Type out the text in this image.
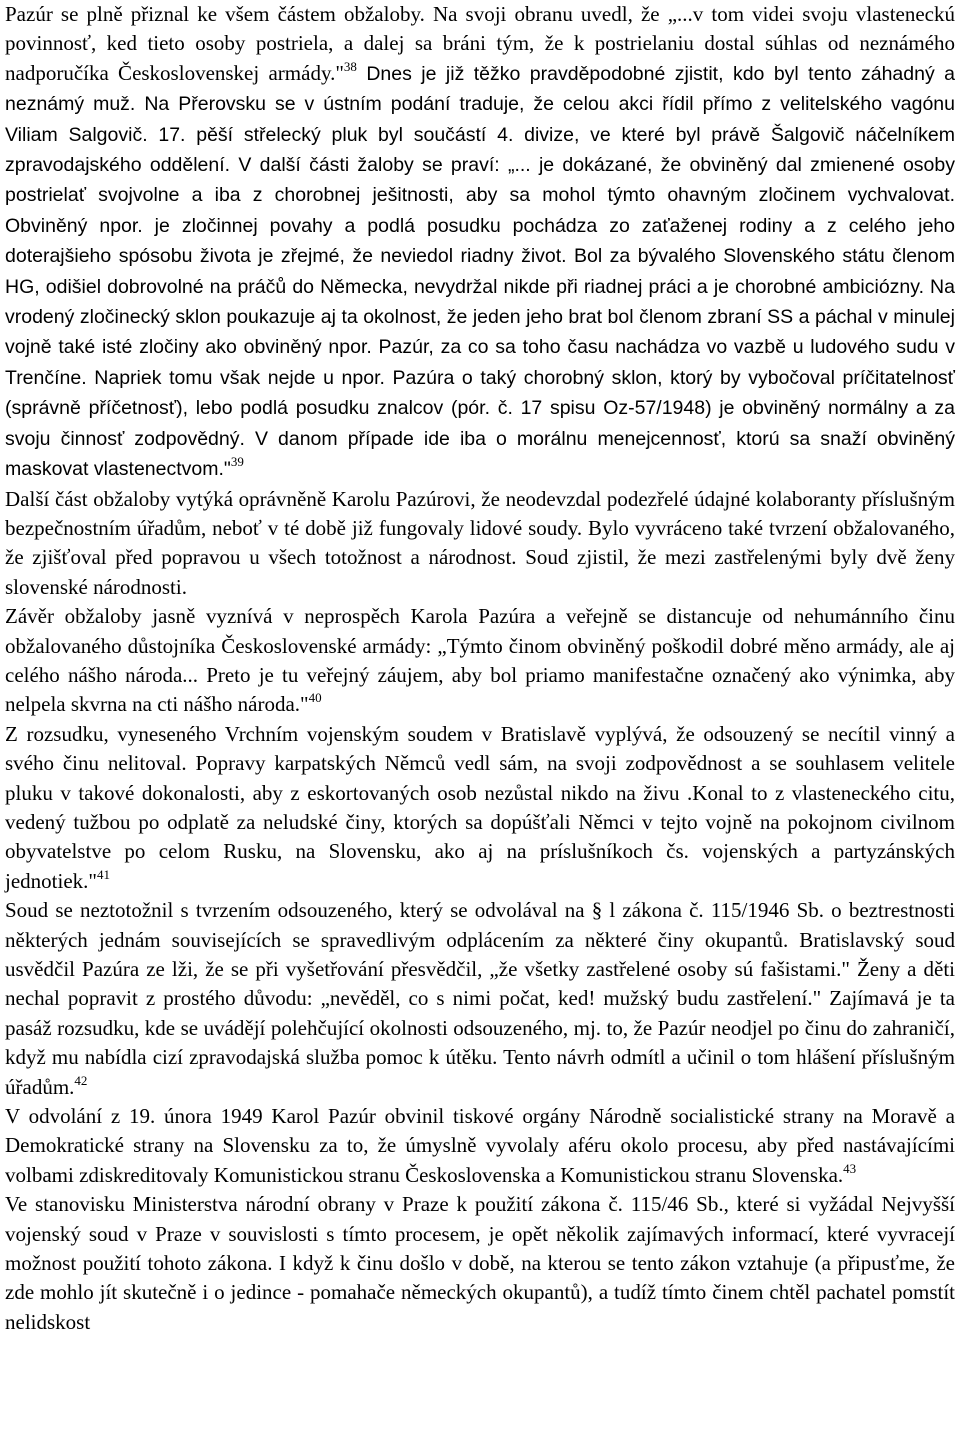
Pazúr se plně přiznal ke všem částem obžaloby. Na svoji obranu uvedl, že „...v tom videi svoju vlasteneckú povinnosť, ked tieto osoby postriela, a dalej sa bráni tým, že k postrielaniu dostal súhlas od neznámého nadporučíka Československej armády."$^{38}$ Dnes je již těžko pravděpodobné zjistit, kdo byl tento záhadný a neznámý muž. Na Přerovsku se v ústním podání traduje, že celou akci řídil přímo z velitelského vagónu Viliam Salgovič. 17. pěší střelecký pluk byl součástí 4. divize, ve které byl právě Šalgovič náčelníkem zpravodajského oddělení. V další části žaloby se praví: „... je dokázané, že obviněný dal zmienené osoby postrielať svojvolne a iba z chorobnej ješitnosti, aby sa mohol týmto ohavným zločinem vychvalovat. Obviněný npor. je zločinnej povahy a podlá posudku pochádza zo zaťaženej rodiny a z celého jeho doterajšieho spósobu života je zřejmé, že neviedol riadny život. Bol za bývalého Slovenského státu členom HG, odišiel dobrovolné na práčů do Německa, nevydržal nikde při riadnej práci a je chorobné ambiciózny. Na vrodený zločinecký sklon poukazuje aj ta okolnost, že jeden jeho brat bol členom zbraní SS a páchal v minulej vojně také isté zločiny ako obviněný npor. Pazúr, za co sa toho času nachádza vo vazbě u ludového sudu v Trenčíne. Napriek tomu však nejde u npor. Pazúra o taký chorobný sklon, ktorý by vybočoval príčitatelnosť (správně příčetnosť), lebo podlá posudku znalcov (pór. č. 17 spisu Oz-57/1948) je obviněný normálny a za svoju činnosť zodpovědný. V danom případe ide iba o morálnu menejcennosť, ktorú sa snaží obviněný maskovat vlastenectvom."$^{39}$

Další část obžaloby vytýká oprávněně Karolu Pazúrovi, že neodevzdal podezřelé údajné kolaboranty příslušným bezpečnostním úřadům, neboť v té době již fungovaly lidové soudy. Bylo vyvráceno také tvrzení obžalovaného, že zjišťoval před popravou u všech totožnost a národnost. Soud zjistil, že mezi zastřelenými byly dvě ženy slovenské národnosti.

Závěr obžaloby jasně vyznívá v neprospěch Karola Pazúra a veřejně se distancuje od nehumánního činu obžalovaného důstojníka Československé armády: „Týmto činom obviněný poškodil dobré měno armády, ale aj celého nášho národa... Preto je tu veřejný záujem, aby bol priamo manifestačne označený ako výnimka, aby nelpela skvrna na cti nášho národa."$^{40}$

Z rozsudku, vyneseného Vrchním vojenským soudem v Bratislavě vyplývá, že odsouzený se necítil vinný a svého činu nelitoval. Popravy karpatských Němců vedl sám, na svoji zodpovědnost a se souhlasem velitele pluku v takové dokonalosti, aby z eskortovaných osob nezůstal nikdo na živu .Konal to z vlasteneckého citu, vedený tužbou po odplatě za neludské činy, ktorých sa dopúšťali Němci v tejto vojně na pokojnom civilnom obyvatelstve po celom Rusku, na Slovensku, ako aj na príslušníkoch čs. vojenských a partyzánských jednotiek."$^{41}$

Soud se neztotožnil s tvrzením odsouzeného, který se odvolával na § l zákona č. 115/1946 Sb. o beztrestnosti některých jednám souvisejících se spravedlivým odplácením za některé činy okupantů. Bratislavský soud usvědčil Pazúra ze lži, že se při vyšetřování přesvědčil, „že všetky zastřelené osoby sú fašistami." Ženy a děti nechal popravit z prostého důvodu: „nevěděl, co s nimi počat, ked! mužský budu zastřelení." Zajímavá je ta pasáž rozsudku, kde se uvádějí polehčující okolnosti odsouzeného, mj. to, že Pazúr neodjel po činu do zahraničí, když mu nabídla cizí zpravodajská služba pomoc k útěku. Tento návrh odmítl a učinil o tom hlášení příslušným úřadům.$^{42}$

V odvolání z 19. února 1949 Karol Pazúr obvinil tiskové orgány Národně socialistické strany na Moravě a Demokratické strany na Slovensku za to, že úmyslně vyvolaly aféru okolo procesu, aby před nastávajícími volbami zdiskreditovaly Komunistickou stranu Československa a Komunistickou stranu Slovenska.$^{43}$

Ve stanovisku Ministerstva národní obrany v Praze k použití zákona č. 115/46 Sb., které si vyžádal Nejvyšší vojenský soud v Praze v souvislosti s tímto procesem, je opět několik zajímavých informací, které vyvracejí možnost použití tohoto zákona. I když k činu došlo v době, na kterou se tento zákon vztahuje (a připusťme, že zde mohlo jít skutečně i o jedince - pomahače německých okupantů), a tudíž tímto činem chtěl pachatel pomstít nelidskost
